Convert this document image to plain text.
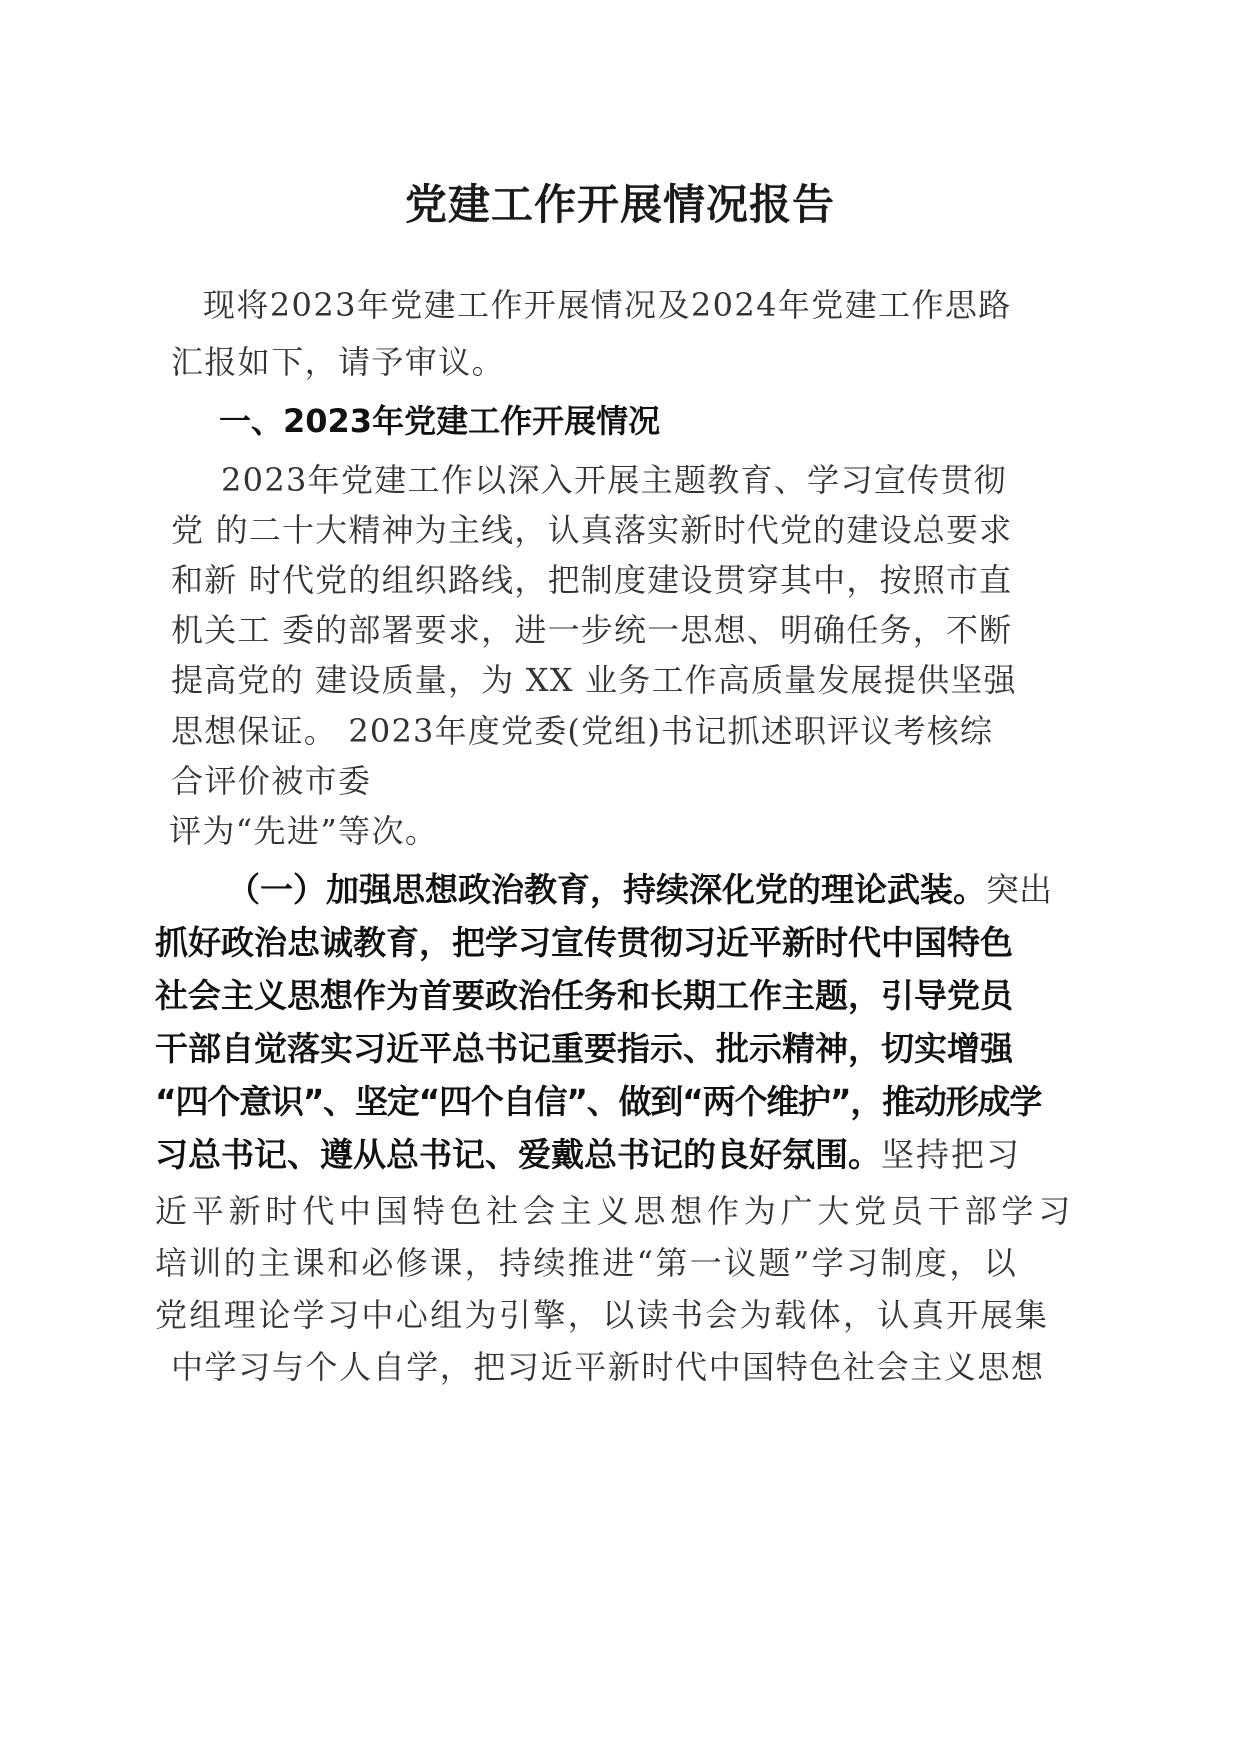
党建工作开展情况报告

现将2023年党建工作开展情况及2024年党建工作思路

汇报如下，请予审议。

一、2023年党建工作开展情况

2023年党建工作以深入开展主题教育、学习宣传贯彻

党 的二十大精神为主线，认真落实新时代党的建设总要求

和新 时代党的组织路线，把制度建设贯穿其中，按照市直

机关工 委的部署要求，进一步统一思想、明确任务，不断

提高党的 建设质量，为 XX 业务工作高质量发展提供坚强

思想保证。 2023年度党委(党组)书记抓述职评议考核综

合评价被市委

评为“先进”等次。

（一）加强思想政治教育，持续深化党的理论武装。突出

抓好政治忠诚教育，把学习宣传贯彻习近平新时代中国特色

社会主义思想作为首要政治任务和长期工作主题，引导党员

干部自觉落实习近平总书记重要指示、批示精神，切实增强

“四个意识”、坚定“四个自信”、做到“两个维护”，推动形成学

习总书记、遵从总书记、爱戴总书记的良好氛围。坚持把习

近平新时代中国特色社会主义思想作为广大党员干部学习

培训的主课和必修课，持续推进“第一议题”学习制度，以

党组理论学习中心组为引擎，以读书会为载体，认真开展集

中学习与个人自学，把习近平新时代中国特色社会主义思想
